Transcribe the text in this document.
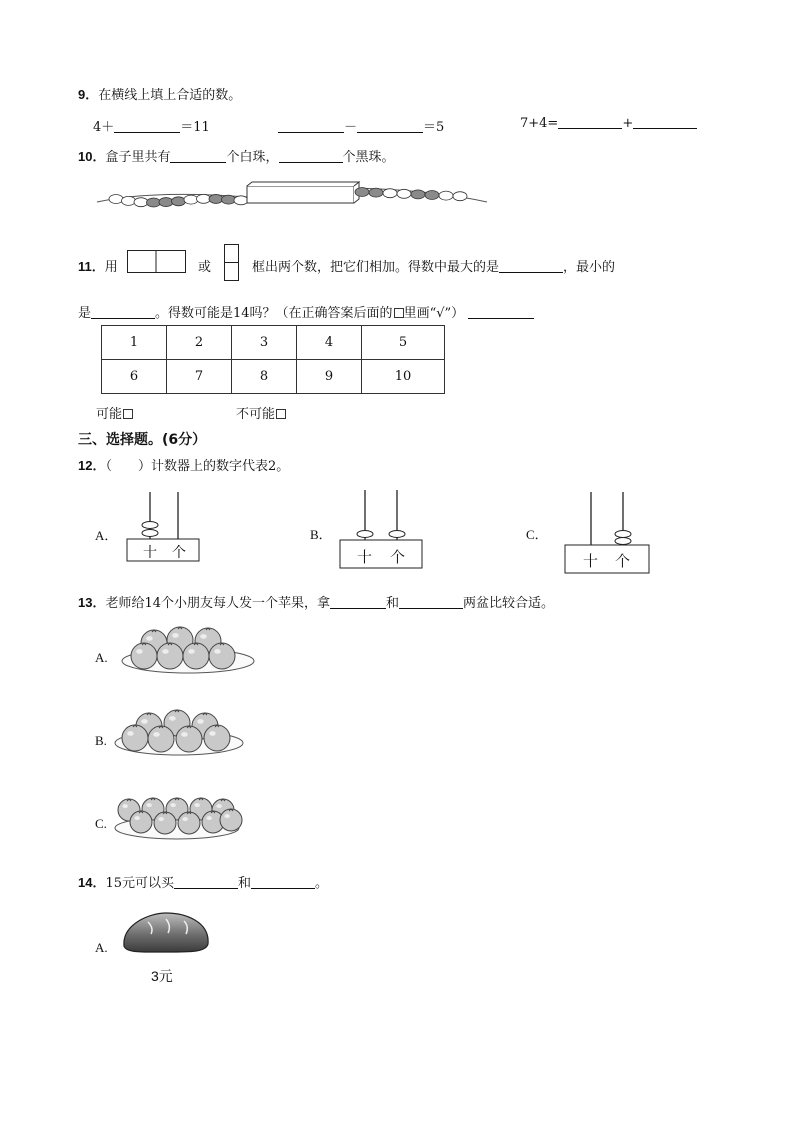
9．在横线上填上合适的数。
4＋	＝11	－	＝5	7+4=	+
10．盒子里共有	个白珠，	个黑珠。
11．用	或	框出两个数，把它们相加。得数中最大的是	，最小的
是	。得数可能是14吗？（在正确答案后面的 里画“√”）
1	2	3	4	5
6	7	8	9	10
可能	不可能
三、选择题。(6分）
12．（　　）计数器上的数字代表2。
A．
十 个
B．
十 个
C．
十 个
13．老师给14个小朋友每人发一个苹果，拿	和	两盆比较合适。
A.
B.
C.
14．15元可以买	和	。
A.
3元
